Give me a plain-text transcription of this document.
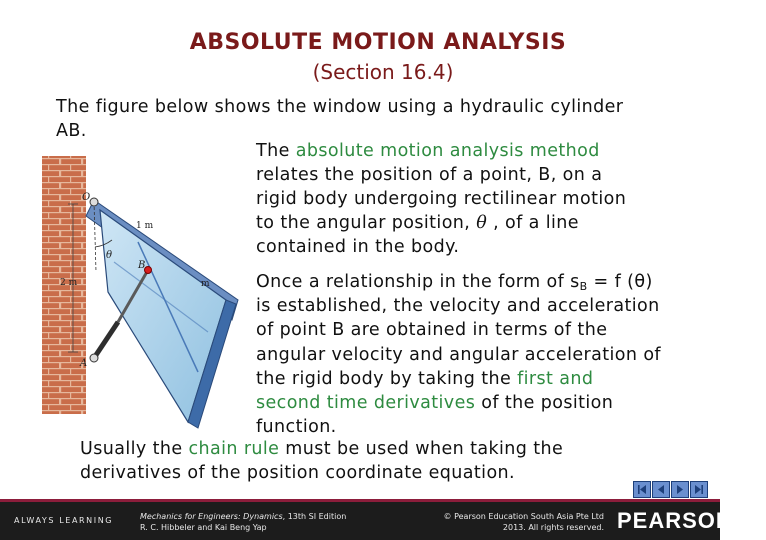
ABSOLUTE MOTION ANALYSIS
(Section 16.4)
The figure below shows the window using a hydraulic cylinder
AB.
The absolute motion analysis method
relates the position of a point, B, on a
rigid body undergoing rectilinear motion
to the angular position, θ , of a line
contained in the body.
Once a relationship in the form of $s_B = f$ (θ)
is established, the velocity and acceleration
of point B are obtained in terms of the
angular velocity and angular acceleration of
the rigid body by taking the first and
second time derivatives of the position
function.
Usually the chain rule must be used when taking the
derivatives of the position coordinate equation.
2 m
θ
O
1 m
B
m
A
ALWAYS LEARNING	Mechanics for Engineers: Dynamics, 13th SI Edition
R. C. Hibbeler and Kai Beng Yap
© Pearson Education South Asia Pte Ltd
2013. All rights reserved. PEARSON
